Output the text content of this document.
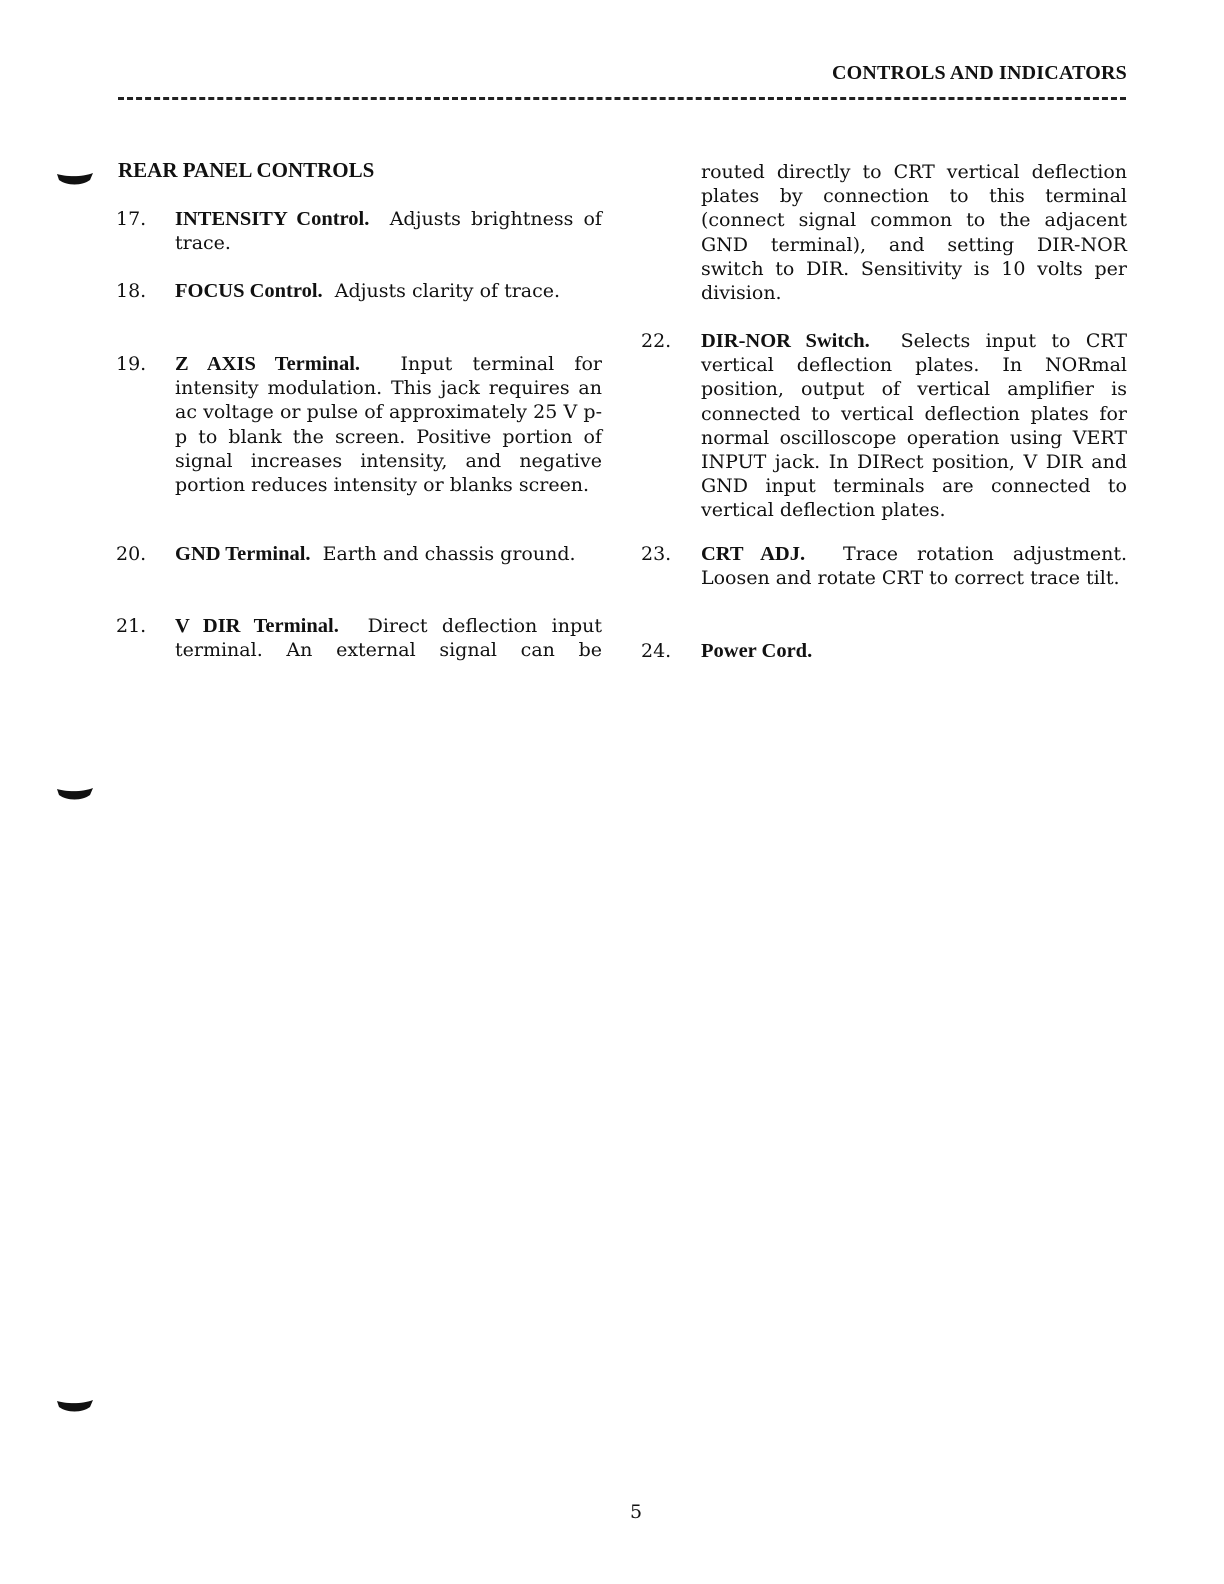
CONTROLS AND INDICATORS
REAR PANEL CONTROLS
17. INTENSITY Control. Adjusts brightness of trace.
18. FOCUS Control. Adjusts clarity of trace.
19. Z AXIS Terminal. Input terminal for intensity modulation. This jack requires an ac voltage or pulse of approximately 25 V p-p to blank the screen. Positive portion of signal increases intensity, and negative portion reduces intensity or blanks screen.
20. GND Terminal. Earth and chassis ground.
21. V DIR Terminal. Direct deflection input terminal. An external signal can be
routed directly to CRT vertical deflection plates by connection to this terminal (connect signal common to the adjacent GND terminal), and setting DIR-NOR switch to DIR. Sensitivity is 10 volts per division.
22. DIR-NOR Switch. Selects input to CRT vertical deflection plates. In NORmal position, output of vertical amplifier is connected to vertical deflection plates for normal oscilloscope operation using VERT INPUT jack. In DIRect position, V DIR and GND input terminals are connected to vertical deflection plates.
23. CRT ADJ. Trace rotation adjustment. Loosen and rotate CRT to correct trace tilt.
24. Power Cord.
5
